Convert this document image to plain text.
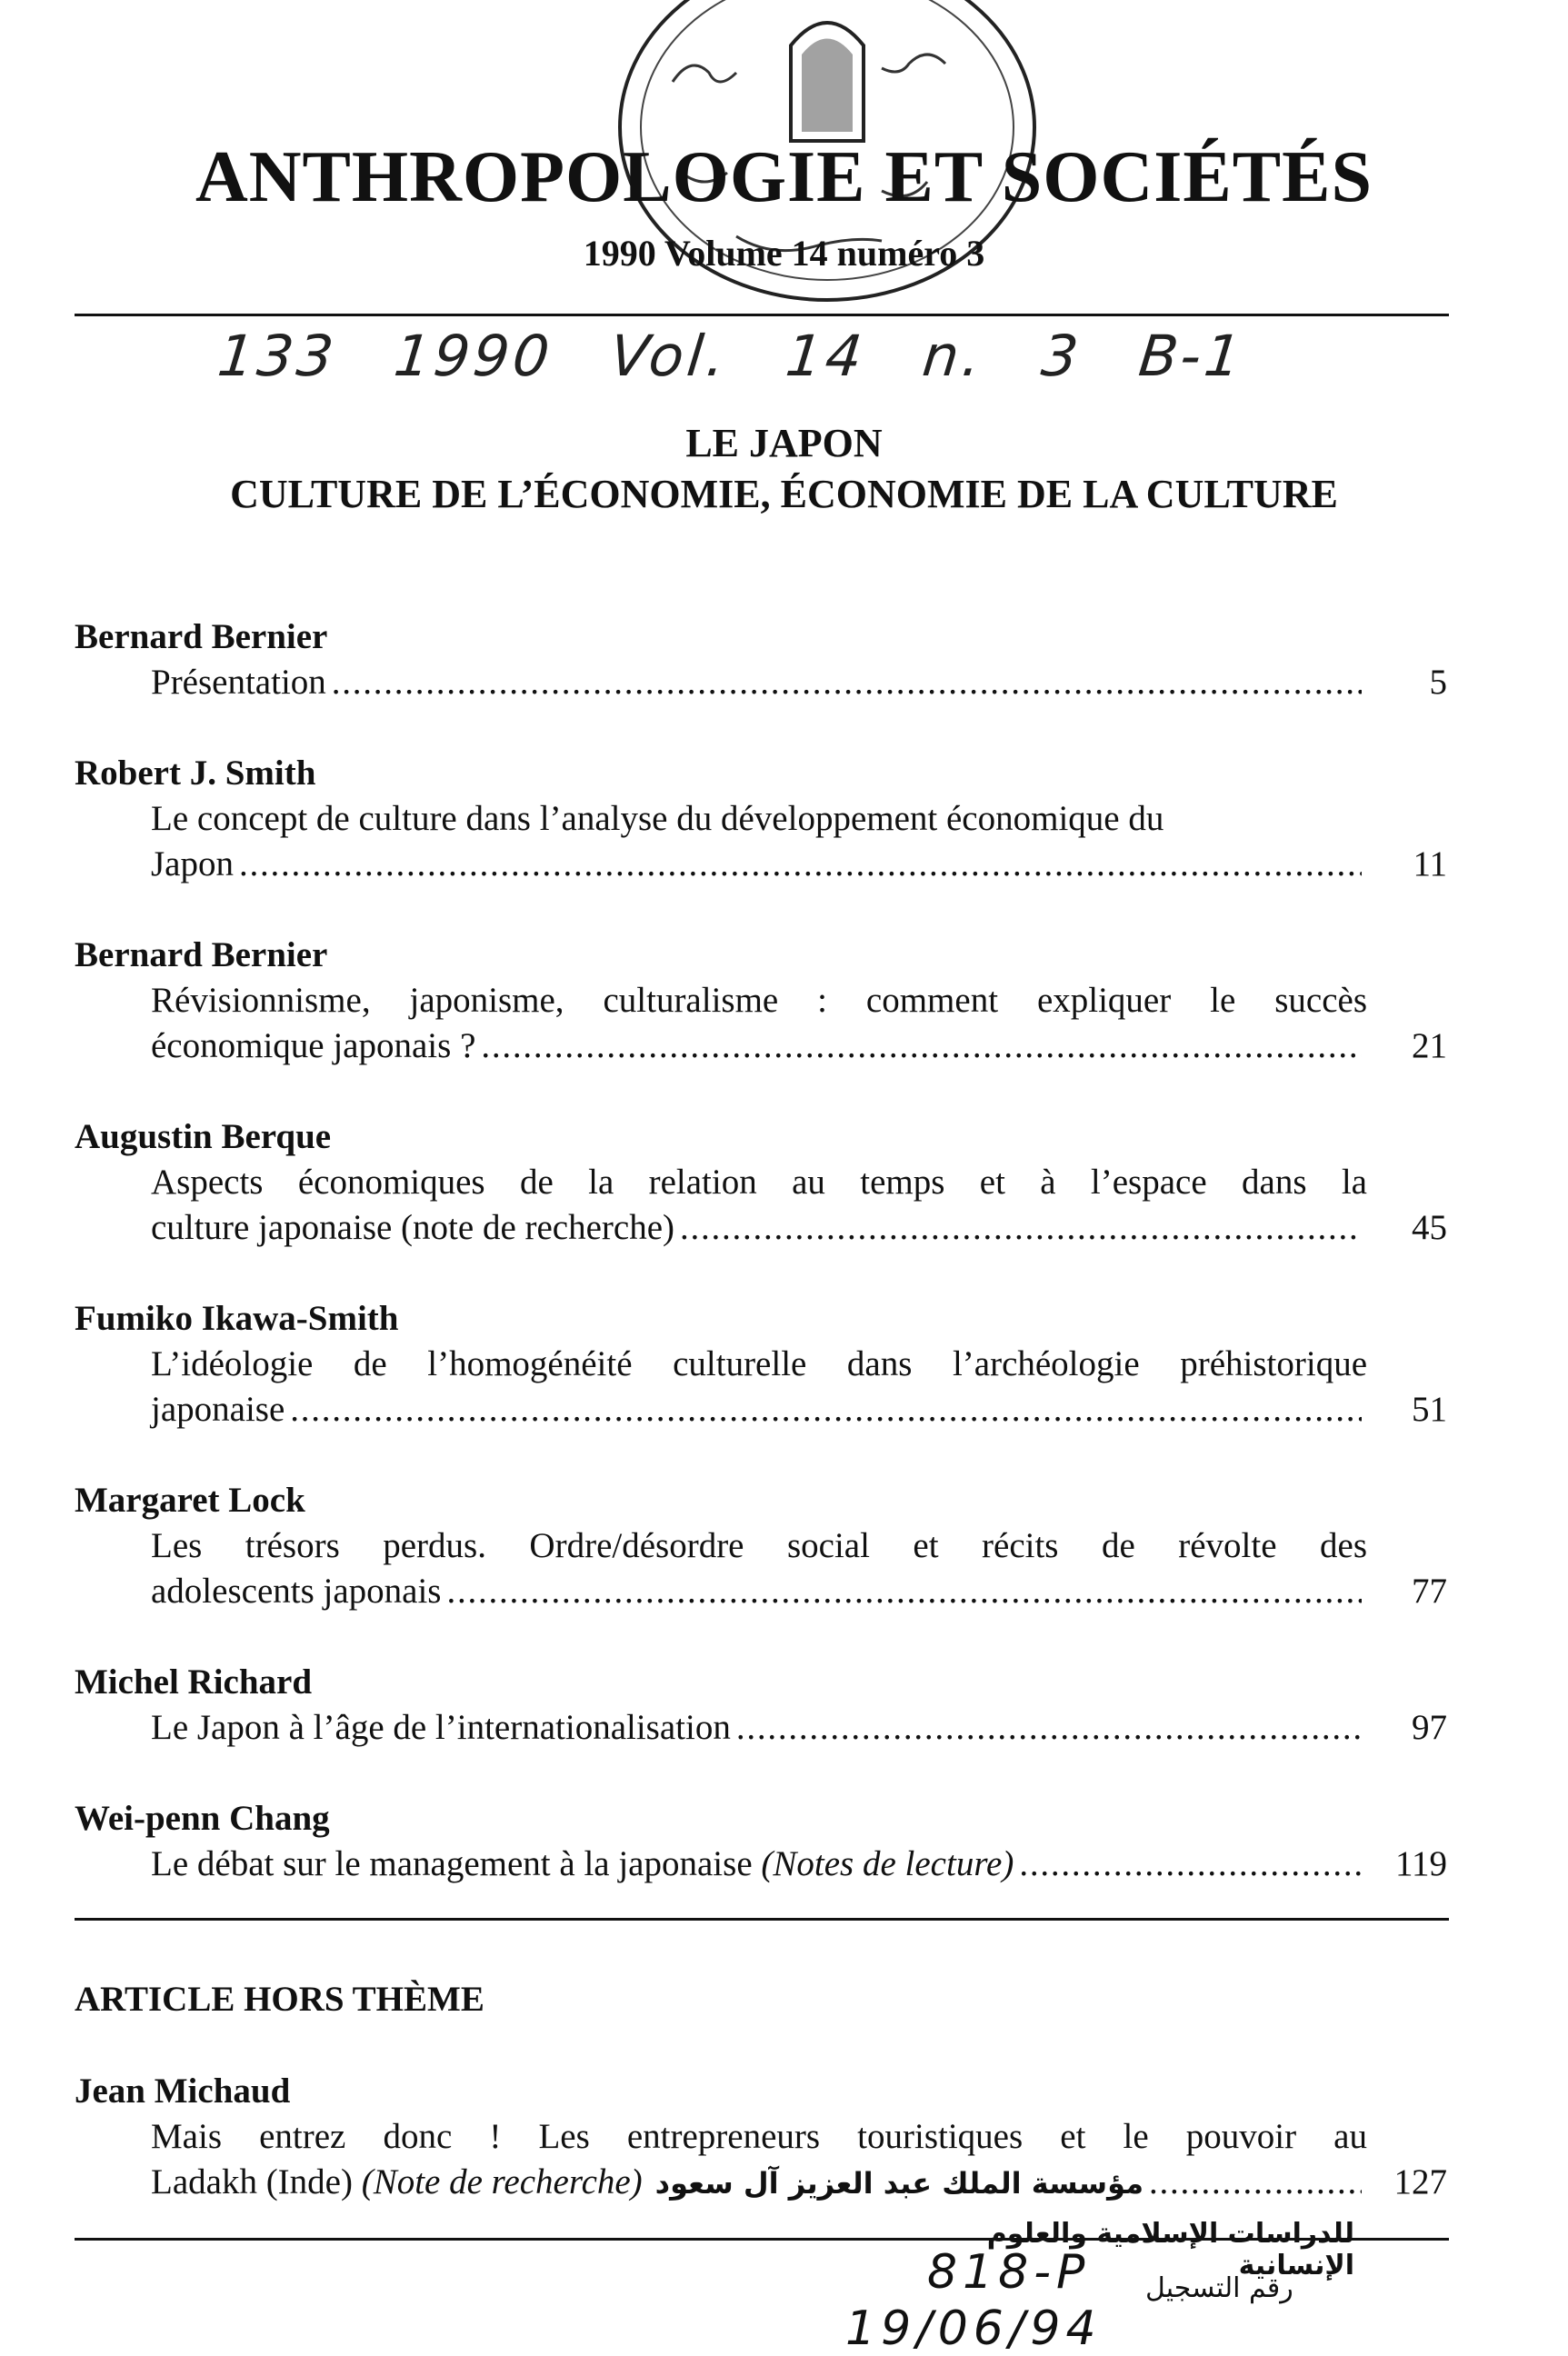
ANTHROPOLOGIE ET SOCIÉTÉS
1990 Volume 14 numéro 3
133 1990 Vol. 14 n. 3 B-1
LE JAPON
CULTURE DE L’ÉCONOMIE, ÉCONOMIE DE LA CULTURE
Bernard Bernier
Présentation . . .	5
Robert J. Smith
Le concept de culture dans l’analyse du développement économique du
Japon . . .	11
Bernard Bernier
Révisionnisme, japonisme, culturalisme : comment expliquer le succès
économique japonais ? . . .	21
Augustin Berque
Aspects économiques de la relation au temps et à l’espace dans la
culture japonaise (note de recherche) . . .	45
Fumiko Ikawa-Smith
L’idéologie de l’homogénéité culturelle dans l’archéologie préhistorique
japonaise . . .	51
Margaret Lock
Les trésors perdus. Ordre/désordre social et récits de révolte des
adolescents japonais . . .	77
Michel Richard
Le Japon à l’âge de l’internationalisation . . .	97
Wei-penn Chang
Le débat sur le management à la japonaise (Notes de lecture) . . .	119
ARTICLE HORS THÈME
Jean Michaud
Mais entrez donc ! Les entrepreneurs touristiques et le pouvoir au
Ladakh (Inde) (Note de recherche) مؤسسة الملك عبد العزيز آل سعود . . .	127
للدراسات الإسلامية والعلوم الإنسانية
818-P رقم التسجيل
19/06/94
